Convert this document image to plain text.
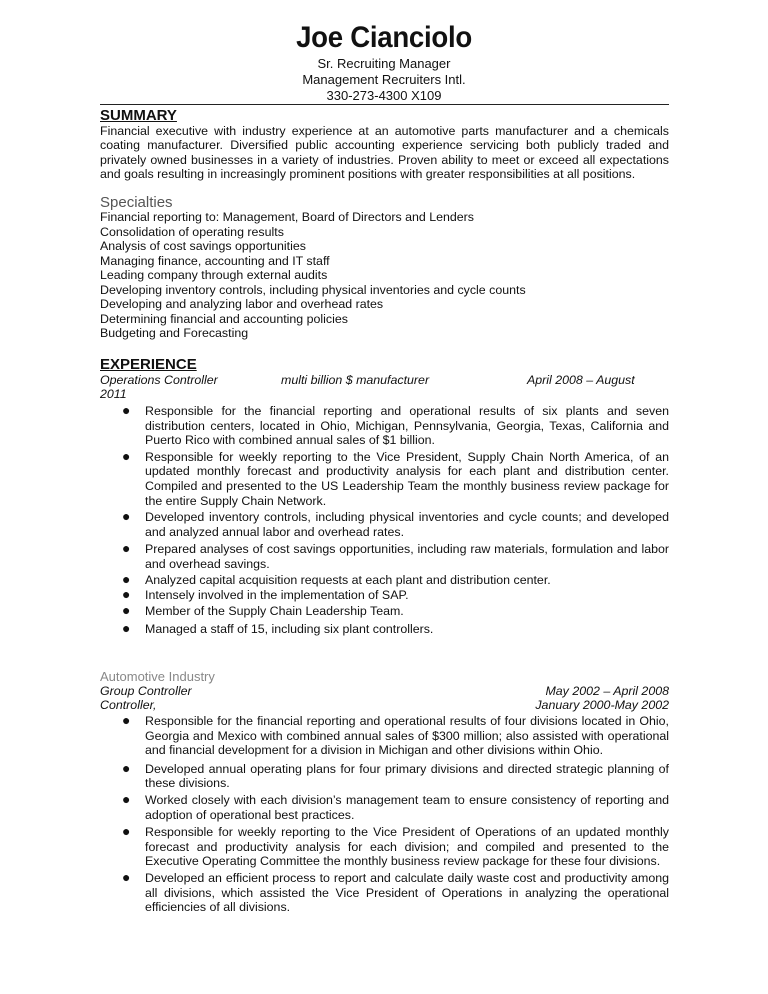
Joe Cianciolo
Sr. Recruiting Manager
Management Recruiters Intl.
330-273-4300 X109
SUMMARY
Financial executive with industry experience at an automotive parts manufacturer and a chemicals coating manufacturer. Diversified public accounting experience servicing both publicly traded and privately owned businesses in a variety of industries. Proven ability to meet or exceed all expectations and goals resulting in increasingly prominent positions with greater responsibilities at all positions.
Specialties
Financial reporting to: Management, Board of Directors and Lenders
Consolidation of operating results
Analysis of cost savings opportunities
Managing finance, accounting and IT staff
Leading company through external audits
Developing inventory controls, including physical inventories and cycle counts
Developing and analyzing labor and overhead rates
Determining financial and accounting policies
Budgeting and Forecasting
EXPERIENCE
Operations Controller	multi billion $ manufacturer	April 2008 – August
2011
● Responsible for the financial reporting and operational results of six plants and seven distribution centers, located in Ohio, Michigan, Pennsylvania, Georgia, Texas, California and Puerto Rico with combined annual sales of $1 billion.
● Responsible for weekly reporting to the Vice President, Supply Chain North America, of an updated monthly forecast and productivity analysis for each plant and distribution center. Compiled and presented to the US Leadership Team the monthly business review package for the entire Supply Chain Network.
● Developed inventory controls, including physical inventories and cycle counts; and developed and analyzed annual labor and overhead rates.
● Prepared analyses of cost savings opportunities, including raw materials, formulation and labor and overhead savings.
● Analyzed capital acquisition requests at each plant and distribution center.
● Intensely involved in the implementation of SAP.
● Member of the Supply Chain Leadership Team.
● Managed a staff of 15, including six plant controllers.
Automotive Industry
Group Controller	May 2002 – April 2008
Controller,	January 2000-May 2002
● Responsible for the financial reporting and operational results of four divisions located in Ohio, Georgia and Mexico with combined annual sales of $300 million; also assisted with operational and financial development for a division in Michigan and other divisions within Ohio.
● Developed annual operating plans for four primary divisions and directed strategic planning of these divisions.
● Worked closely with each division’s management team to ensure consistency of reporting and adoption of operational best practices.
● Responsible for weekly reporting to the Vice President of Operations of an updated monthly forecast and productivity analysis for each division; and compiled and presented to the Executive Operating Committee the monthly business review package for these four divisions.
● Developed an efficient process to report and calculate daily waste cost and productivity among all divisions, which assisted the Vice President of Operations in analyzing the operational efficiencies of all divisions.
